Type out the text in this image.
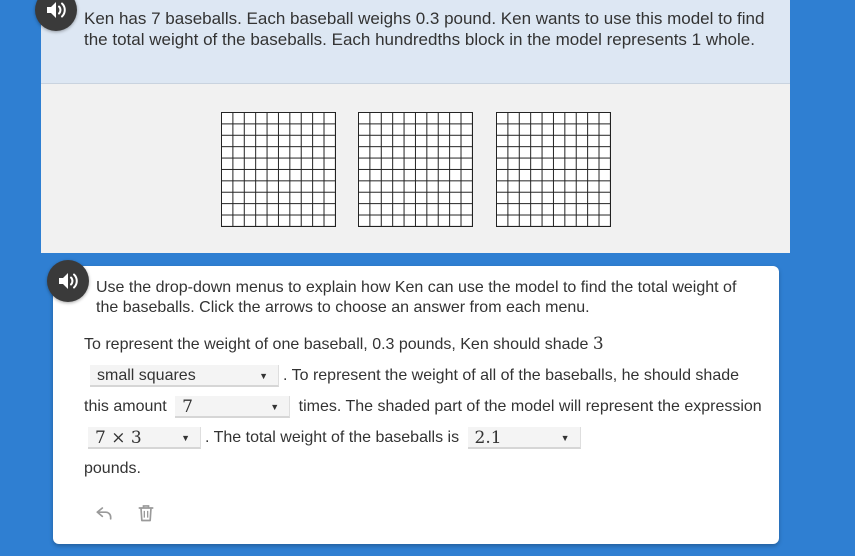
Ken has 7 baseballs. Each baseball weighs 0.3 pound. Ken wants to use this model to find the total weight of the baseballs. Each hundredths block in the model represents 1 whole.

Use the drop-down menus to explain how Ken can use the model to find the total weight of the baseballs. Click the arrows to choose an answer from each menu.

To represent the weight of one baseball, 0.3 pounds, Ken should shade 3
small squares	▼ . To represent the weight of all of the baseballs, he should shade this amount 7	▼ times. The shaded part of the model will represent the expression 7 × 3	▼ . The total weight of the baseballs is 2.1	▼

pounds.
